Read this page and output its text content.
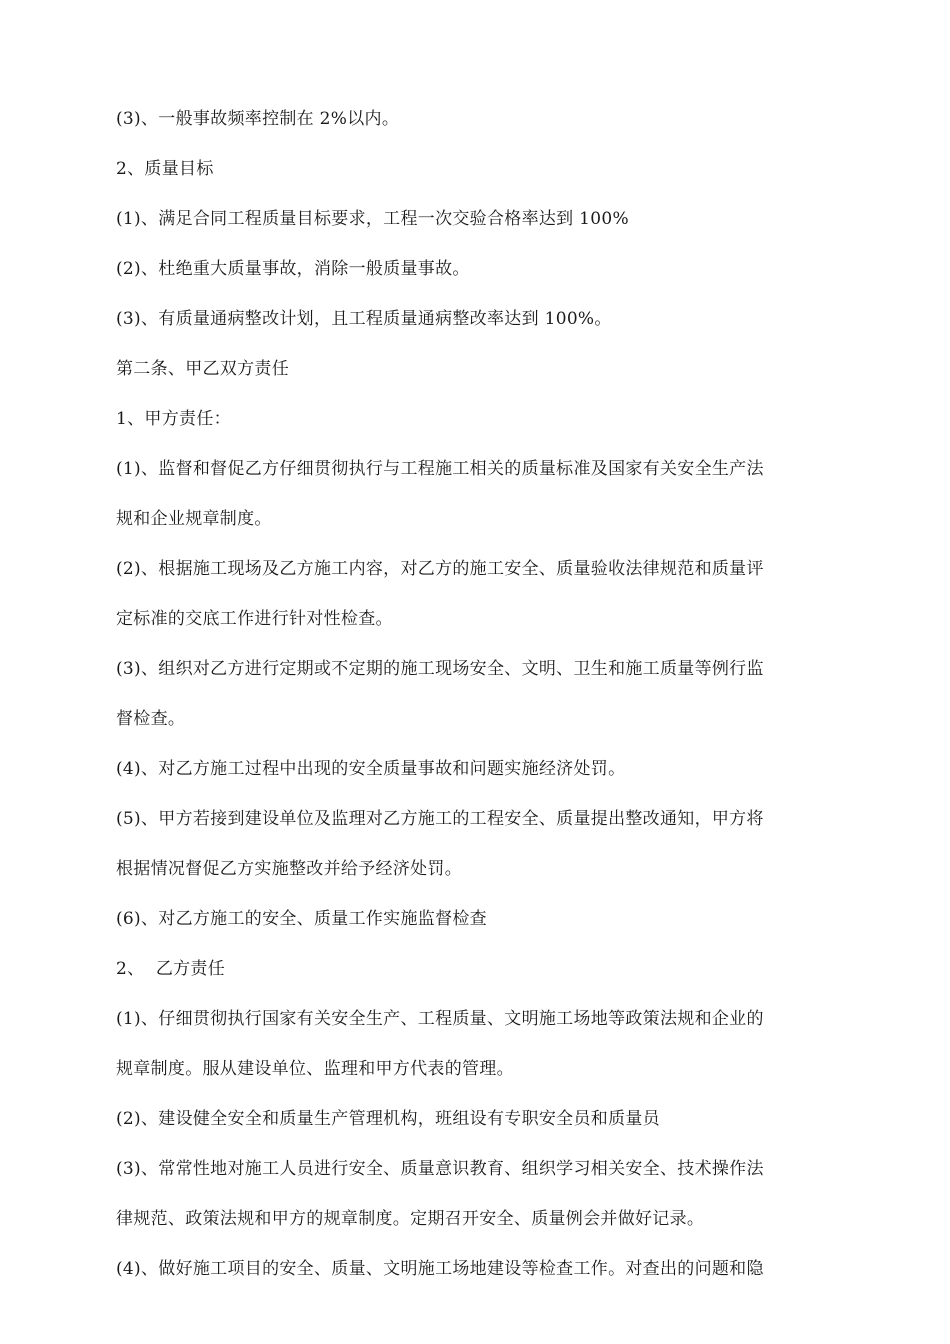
(3)、一般事故频率控制在 2%以内。
2、质量目标
(1)、满足合同工程质量目标要求，工程一次交验合格率达到 100%
(2)、杜绝重大质量事故，消除一般质量事故。
(3)、有质量通病整改计划，且工程质量通病整改率达到 100%。
第二条、甲乙双方责任
1、甲方责任：
(1)、监督和督促乙方仔细贯彻执行与工程施工相关的质量标准及国家有关安全生产法
规和企业规章制度。
(2)、根据施工现场及乙方施工内容，对乙方的施工安全、质量验收法律规范和质量评
定标准的交底工作进行针对性检查。
(3)、组织对乙方进行定期或不定期的施工现场安全、文明、卫生和施工质量等例行监
督检查。
(4)、对乙方施工过程中出现的安全质量事故和问题实施经济处罚。
(5)、甲方若接到建设单位及监理对乙方施工的工程安全、质量提出整改通知，甲方将
根据情况督促乙方实施整改并给予经济处罚。
(6)、对乙方施工的安全、质量工作实施监督检查
2、  乙方责任
(1)、仔细贯彻执行国家有关安全生产、工程质量、文明施工场地等政策法规和企业的
规章制度。服从建设单位、监理和甲方代表的管理。
(2)、建设健全安全和质量生产管理机构，班组设有专职安全员和质量员
(3)、常常性地对施工人员进行安全、质量意识教育、组织学习相关安全、技术操作法
律规范、政策法规和甲方的规章制度。定期召开安全、质量例会并做好记录。
(4)、做好施工项目的安全、质量、文明施工场地建设等检查工作。对查出的问题和隐
